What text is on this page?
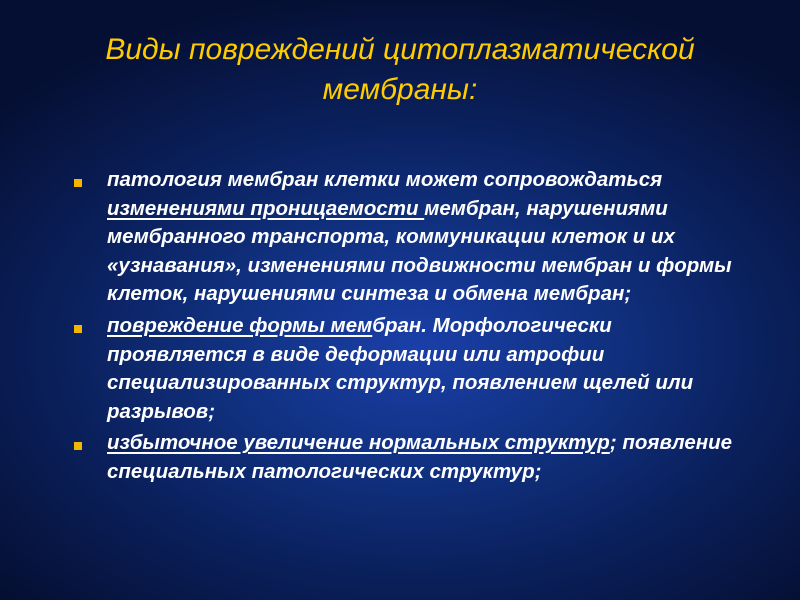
Виды повреждений цитоплазматической
мембраны:
патология мембран клетки может сопровождаться изменениями проницаемости мембран, нарушениями мембранного транспорта, коммуникации клеток и их «узнавания», изменениями подвижности мембран и формы клеток, нарушениями синтеза и обмена мембран;
повреждение формы мембран. Морфологически проявляется в виде деформации или атрофии специализированных структур, появлением щелей или разрывов;
избыточное увеличение нормальных структур; появление специальных патологических структур;
